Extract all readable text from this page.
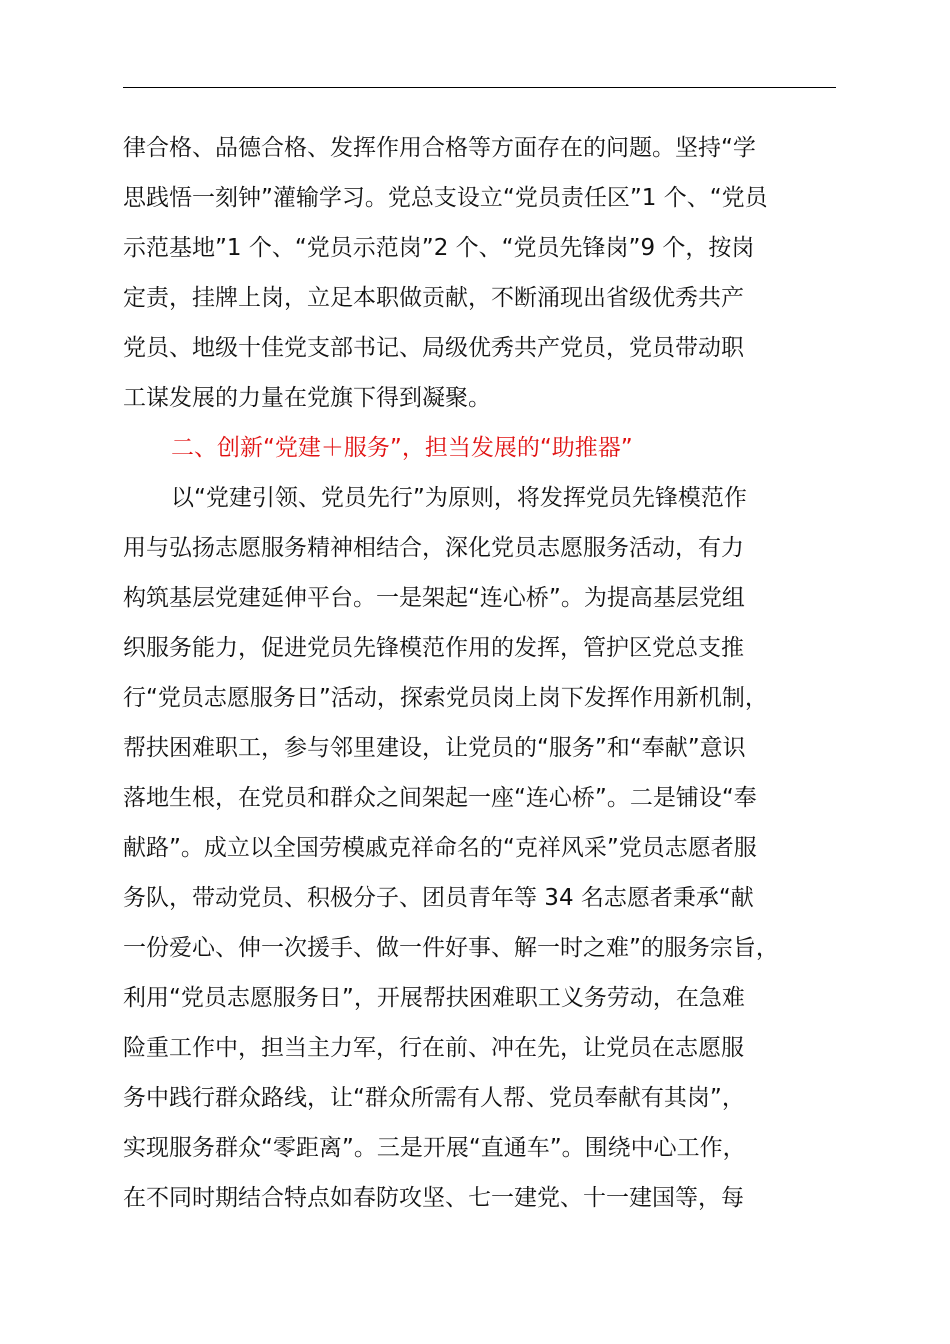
律合格、品德合格、发挥作用合格等方面存在的问题。坚持“学
思践悟一刻钟”灌输学习。党总支设立“党员责任区”1 个、“党员
示范基地”1 个、“党员示范岗”2 个、“党员先锋岗”9 个，按岗
定责，挂牌上岗，立足本职做贡献，不断涌现出省级优秀共产
党员、地级十佳党支部书记、局级优秀共产党员，党员带动职
工谋发展的力量在党旗下得到凝聚。
二、创新“党建＋服务”，担当发展的“助推器”
以“党建引领、党员先行”为原则，将发挥党员先锋模范作
用与弘扬志愿服务精神相结合，深化党员志愿服务活动，有力
构筑基层党建延伸平台。一是架起“连心桥”。为提高基层党组
织服务能力，促进党员先锋模范作用的发挥，管护区党总支推
行“党员志愿服务日”活动，探索党员岗上岗下发挥作用新机制，
帮扶困难职工，参与邻里建设，让党员的“服务”和“奉献”意识
落地生根，在党员和群众之间架起一座“连心桥”。二是铺设“奉
献路”。成立以全国劳模戚克祥命名的“克祥风采”党员志愿者服
务队，带动党员、积极分子、团员青年等 34 名志愿者秉承“献
一份爱心、伸一次援手、做一件好事、解一时之难”的服务宗旨，
利用“党员志愿服务日”，开展帮扶困难职工义务劳动，在急难
险重工作中，担当主力军，行在前、冲在先，让党员在志愿服
务中践行群众路线，让“群众所需有人帮、党员奉献有其岗”，
实现服务群众“零距离”。三是开展“直通车”。围绕中心工作，
在不同时期结合特点如春防攻坚、七一建党、十一建国等，每
